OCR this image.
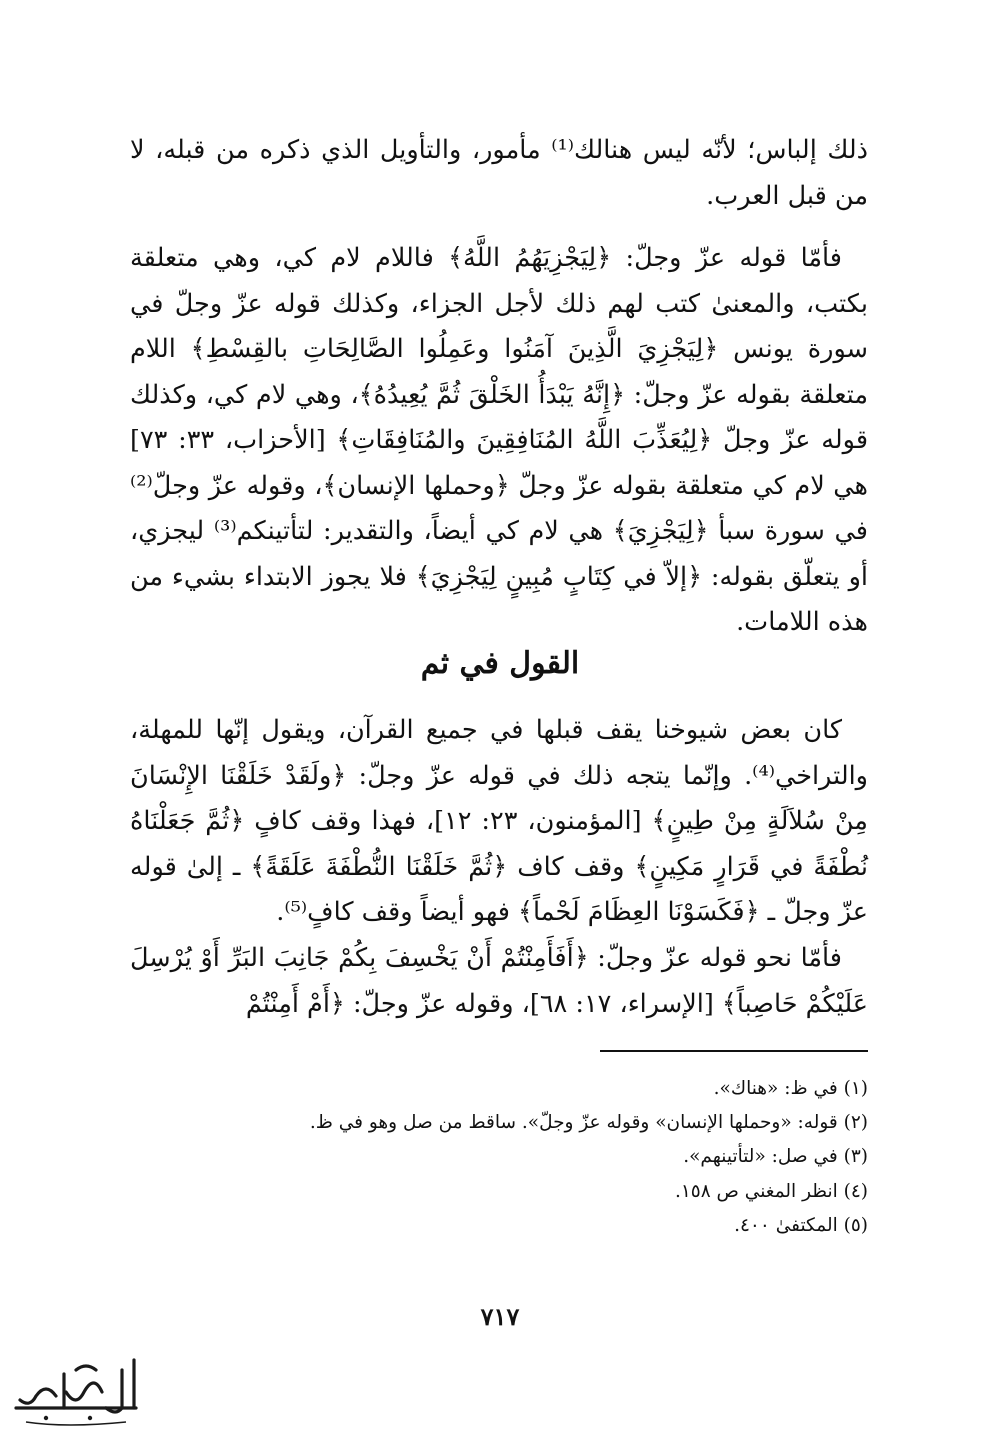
ذلك إلباس؛ لأنّه ليس هنالك⁽¹⁾ مأمور، والتأويل الذي ذكره من قبله، لا من قبل العرب.

فأمّا قوله عزّ وجلّ: ﴿لِيَجْزِيَهُمُ اللَّهُ﴾ فاللام لام كي، وهي متعلقة بكتب، والمعنىٰ كتب لهم ذلك لأجل الجزاء، وكذلك قوله عزّ وجلّ في سورة يونس ﴿لِيَجْزِيَ الَّذِينَ آمَنُوا وعَمِلُوا الصَّالِحَاتِ بالقِسْطِ﴾ اللام متعلقة بقوله عزّ وجلّ: ﴿إِنَّهُ يَبْدَأُ الخَلْقَ ثُمَّ يُعِيدُهُ﴾، وهي لام كي، وكذلك قوله عزّ وجلّ ﴿لِيُعَذِّبَ اللَّهُ المُنَافِقِينَ والمُنَافِقَاتِ﴾ [الأحزاب، ٣٣: ٧٣] هي لام كي متعلقة بقوله عزّ وجلّ ﴿وحملها الإنسان﴾، وقوله عزّ وجلّ⁽²⁾ في سورة سبأ ﴿لِيَجْزِيَ﴾ هي لام كي أيضاً، والتقدير: لتأتينكم⁽³⁾ ليجزي، أو يتعلّق بقوله: ﴿إلاّ في كِتَابٍ مُبِينٍ لِيَجْزِيَ﴾ فلا يجوز الابتداء بشيء من هذه اللامات.

القول في ثم

كان بعض شيوخنا يقف قبلها في جميع القرآن، ويقول إنّها للمهلة، والتراخي⁽⁴⁾. وإنّما يتجه ذلك في قوله عزّ وجلّ: ﴿ولَقَدْ خَلَقْنَا الإِنْسَانَ مِنْ سُلاَلَةٍ مِنْ طِينٍ﴾ [المؤمنون، ٢٣: ١٢]، فهذا وقف كافٍ ﴿ثُمَّ جَعَلْنَاهُ نُطْفَةً في قَرَارٍ مَكِينٍ﴾ وقف كاف ﴿ثُمَّ خَلَقْنَا النُّطْفَةَ عَلَقَةً﴾ ـ إلىٰ قوله عزّ وجلّ ـ ﴿فَكَسَوْنَا العِظَامَ لَحْماً﴾ فهو أيضاً وقف كافٍ⁽⁵⁾.

فأمّا نحو قوله عزّ وجلّ: ﴿أَفَأَمِنْتُمْ أَنْ يَخْسِفَ بِكُمْ جَانِبَ البَرِّ أَوْ يُرْسِلَ عَلَيْكُمْ حَاصِباً﴾ [الإسراء، ١٧: ٦٨]، وقوله عزّ وجلّ: ﴿أَمْ أَمِنْتُمْ

(١) في ظ: «هناك».
(٢) قوله: «وحملها الإنسان» وقوله عزّ وجلّ». ساقط من صل وهو في ظ.
(٣) في صل: «لتأتينهم».
(٤) انظر المغني ص ١٥٨.
(٥) المكتفىٰ ٤٠٠.
٧١٧
